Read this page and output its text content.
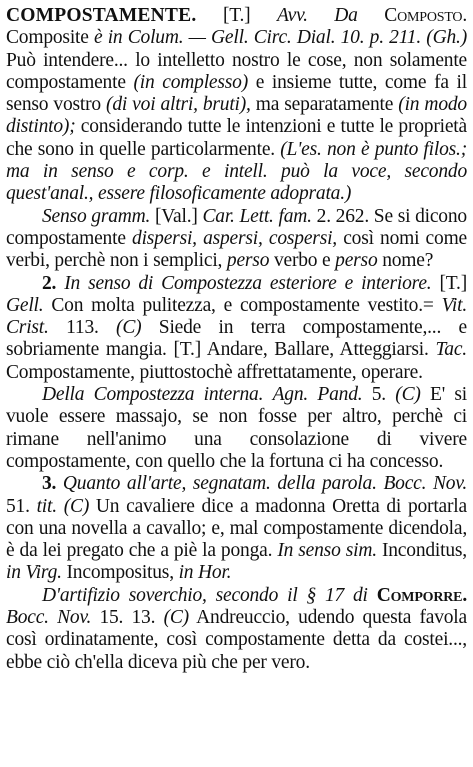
COMPOSTAMENTE. [T.] Avv. Da Composto. Composite è in Colum. — Gell. Circ. Dial. 10. p. 211. (Gh.) Può intendere... lo intelletto nostro le cose, non solamente compostamente (in complesso) e insieme tutte, come fa il senso vostro (di voi altri, bruti), ma separatamente (in modo distinto); considerando tutte le intenzioni e tutte le proprietà che sono in quelle particolarmente. (L'es. non è punto filos.; ma in senso e corp. e intell. può la voce, secondo quest'anal., essere filosoficamente adoprata.)

Senso gramm. [Val.] Car. Lett. fam. 2. 262. Se si dicono compostamente dispersi, aspersi, cospersi, così nomi come verbi, perchè non i semplici, perso verbo e perso nome?

2. In senso di Compostezza esteriore e interiore. [T.] Gell. Con molta pulitezza, e compostamente vestito.= Vit. Crist. 113. (C) Siede in terra compostamente,... e sobriamente mangia. [T.] Andare, Ballare, Atteggiarsi. Tac. Compostamente, piuttostochè affrettatamente, operare.

Della Compostezza interna. Agn. Pand. 5. (C) E' si vuole essere massajo, se non fosse per altro, perchè ci rimane nell'animo una consolazione di vivere compostamente, con quello che la fortuna ci ha concesso.

3. Quanto all'arte, segnatam. della parola. Bocc. Nov. 51. tit. (C) Un cavaliere dice a madonna Oretta di portarla con una novella a cavallo; e, mal compostamente dicendola, è da lei pregato che a piè la ponga. In senso sim. Inconditus, in Virg. Incompositus, in Hor.

D'artifizio soverchio, secondo il § 17 di Comporre. Bocc. Nov. 15. 13. (C) Andreuccio, udendo questa favola così ordinatamente, così compostamente detta da costei..., ebbe ciò ch'ella diceva più che per vero.
